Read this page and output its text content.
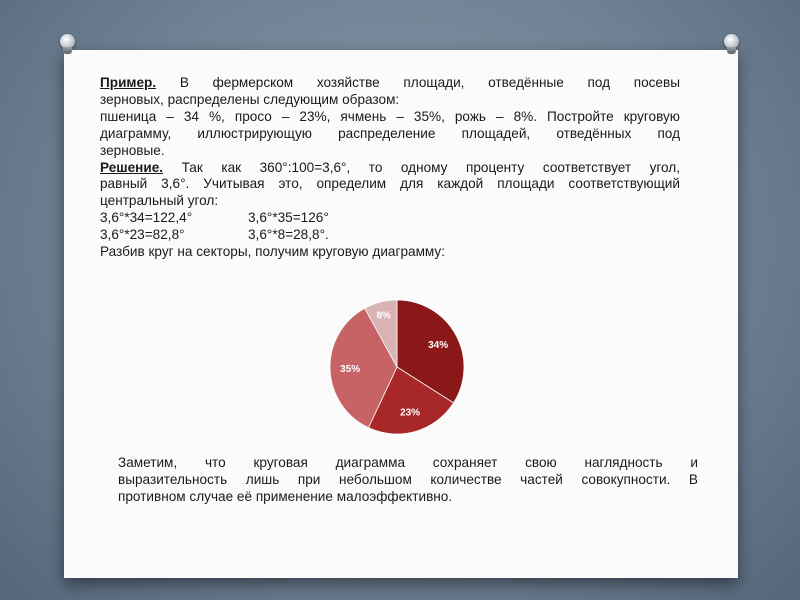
Пример. В фермерском хозяйстве площади, отведённые под посевы

зерновых, распределены следующим образом:

пшеница – 34 %, просо – 23%, ячмень – 35%, рожь – 8%. Постройте круговую

диаграмму, иллюстрирующую распределение площадей, отведённых под

зерновые.

Решение. Так как 360°:100=3,6°, то одному проценту соответствует угол,

равный 3,6°. Учитывая это, определим для каждой площади соответствующий

центральный угол:

3,6°*34=122,4°	3,6°*35=126°
3,6°*23=82,8°	3,6°*8=28,8°.

Разбив круг на секторы, получим круговую диаграмму:

34%
23%
35%
8%

Заметим, что круговая диаграмма сохраняет свою наглядность и

выразительность лишь при небольшом количестве частей совокупности. В

противном случае её применение малоэффективно.
